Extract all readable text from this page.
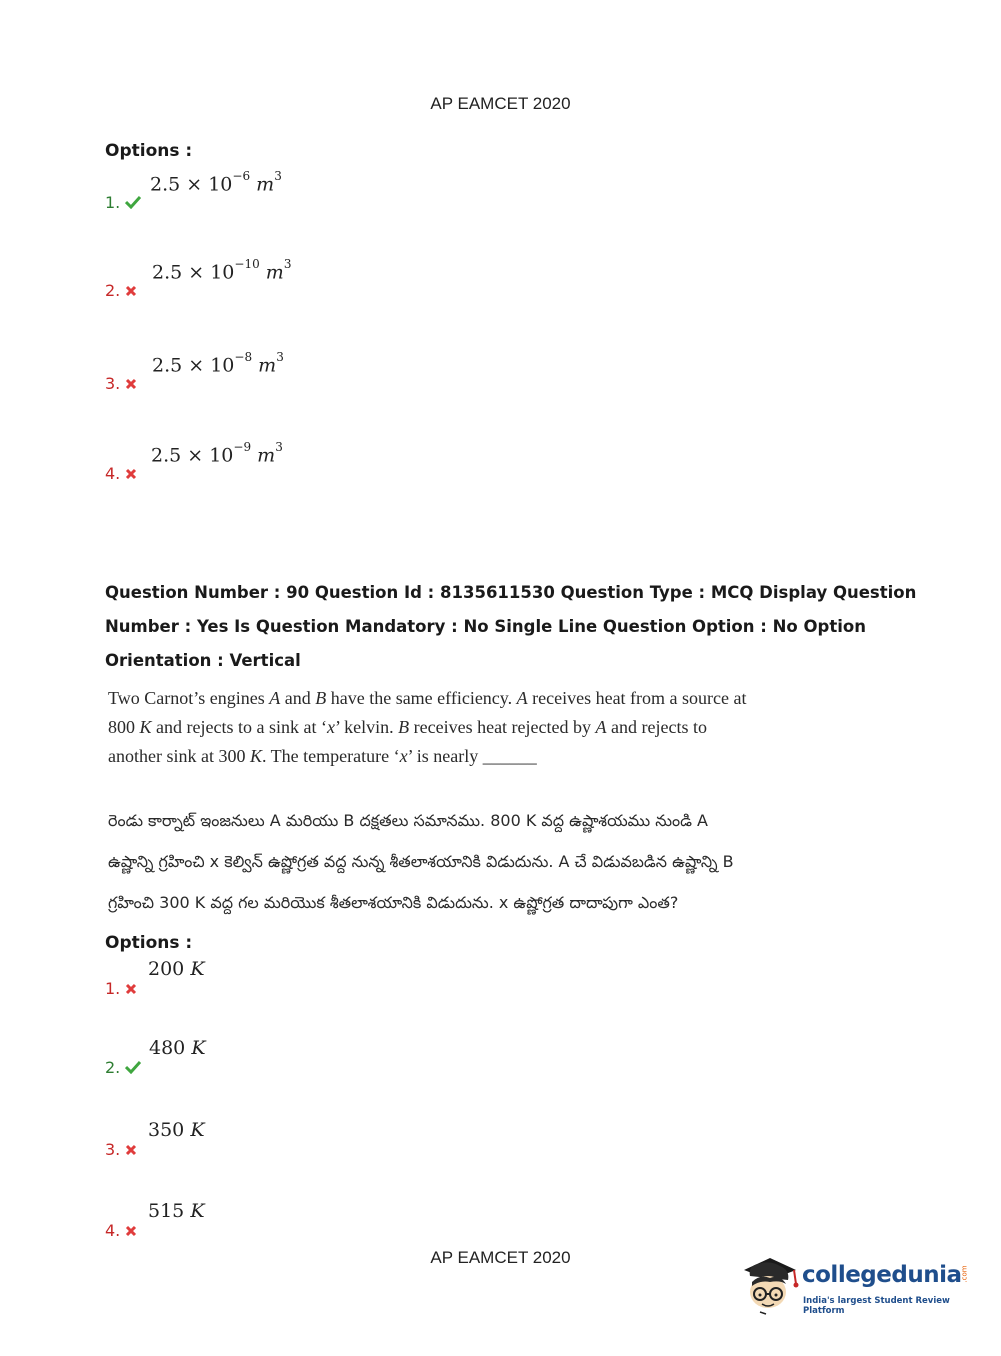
AP EAMCET 2020
Options :
1.
$2.5 \times 10^{-6}$ $m^3$
2.
$2.5 \times 10^{-10}$ $m^3$
3.
$2.5 \times 10^{-8}$ $m^3$
4.
$2.5 \times 10^{-9}$ $m^3$
Question Number : 90 Question Id : 8135611530 Question Type : MCQ Display Question
Number : Yes Is Question Mandatory : No Single Line Question Option : No Option
Orientation : Vertical
Two Carnot’s engines A and B have the same efficiency. A receives heat from a source at 800 K and rejects to a sink at ‘x’ kelvin. B receives heat rejected by A and rejects to another sink at 300 K. The temperature ‘x’ is nearly ______
రెండు కార్నాట్ ఇంజనులు A మరియు B దక్షతలు సమానము. 800 K వద్ద ఉష్ణాశయము నుండి A ఉష్ణాన్ని గ్రహించి x కెల్విన్ ఉష్ణోగ్రత వద్ద నున్న శీతలాశయానికి విడుదును. A చే విడువబడిన ఉష్ణాన్ని B గ్రహించి 300 K వద్ద గల మరియొక శీతలాశయానికి విడుదును. x ఉష్ణోగ్రత దాదాపుగా ఎంత?
Options :
1.
200 K
2.
480 K
3.
350 K
4.
515 K
AP EAMCET 2020
collegedunia .com
India's largest Student Review Platform
